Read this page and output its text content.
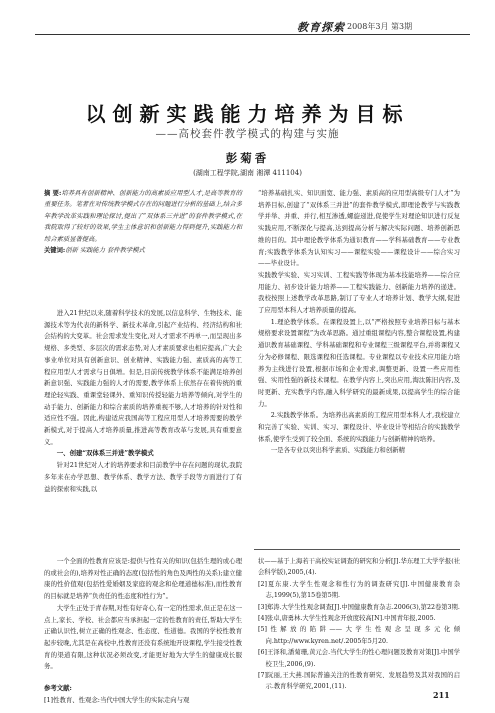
教育探索 2008年3月 第3期
以创新实践能力培养为目标
——高校套件教学模式的构建与实施
彭菊香
(湖南工程学院,湖南 湘潭 411104)

摘 要:培养具有创新精神、创新能力的高素质应用型人才,是高等教育的重要任务。笔者在对传统教学模式存在的问题进行分析的基础上,结合多年教学改革实践和理论探讨,提出了“双体系三并进”的套件教学模式,在我院取得了较好的效果,学生主体意识和创新能力得到提升,实践能力和综合素质显著提高。

关键词:创新 实践能力 套件教学模式

进入21世纪以来,随着科学技术的发展,以信息科学、生物技术、能源技术等为代表的新科学、新技术革命,引起产业结构、经济结构和社会结构的大变革。社会需求发生变化,对人才需求不再单一,而呈现出多规格、多类型、多层次的需求态势,对人才素质要求也相应提高,广大企事业单位对具有创新意识、创业精神、实践能力强、素质高的高等工程应用型人才需求与日俱增。但是,目前传统教学体系不能满足培养创新意识强、实践能力强的人才的需要,教学体系上依然存在着传统的重理论轻实践、重课堂轻课外、重知识传授轻能力培养等倾向,对学生的动手能力、创新能力和综合素质的培养重视不够,人才培养的针对性和适应性不强。因此,构建适应我国高等工程应用型人才培养需要的教学新模式,对于提高人才培养质量,推进高等教育改革与发展,具有重要意义。

一、创建“双体系三并进”教学模式

针对21世纪对人才的培养要求和目前教学中存在问题的现状,我院多年来在办学思想、教学体系、教学方法、教学手段等方面进行了有益的探索和实践,以

“培养基础扎实、知识面宽、能力强、素质高的应用型高级专门人才”为培养目标,创建了“双体系三并进”的套件教学模式,即理论教学与实践教学并举、并重、并行,相互渗透,螺旋递进,促使学生对理论知识进行反复实践应用,不断深化与提高,达到提高分析与解决实际问题、培养创新思维的目的。其中理论教学体系为通识教育——学科基础教育——专业教育;实践教学体系为认知实习——课程实验——课程设计——综合实习——毕业设计。

实践教学实验、实习实训、工程实践等体现为基本技能培养——综合应用能力、初步设计能力培养——工程实践能力、创新能力培养的递进。我校按照上述教学改革思路,制订了专业人才培养计划、教学大纲,促进了应用型本科人才培养质量的提高。

1.理论教学体系。在课程设置上,以“严格按照专业培养目标与基本规格要求设置课程”为改革思路。通过重组课程内容,整合课程设置,构建通识教育基础课程、学科基础课程和专业课程三级课程平台,并将课程又分为必修课程、限选课程和任选课程。专业课程以专业技术应用能力培养为主线进行设置,根据市场和企业需求,调整更新、设置一些应用性强、实用性强的新技术课程。在教学内容上,突出应用,淘汰陈旧内容,及时更新、充实教学内容,融入科学研究的最新成果,以提高学生的综合能力。

2.实践教学体系。为培养出高素质的工程应用型本科人才,我校建立和完善了实验、实训、实习、课程设计、毕业设计等相结合的实践教学体系,使学生受到了较全面、系统的实践能力与创新精神的培养。

一是各专业以突出科学素质、实践能力和创新精

一个全面的性教育应该是:提供与性有关的知识(包括生理的或心理的或社会的),培养对性正确的态度(包括性的角色及两性的关系);建立健康的性价值观(包括性爱婚姻及家庭的观念和伦理道德标准),而性教育的目标就是培养“负责任的性态度和性行为”。

大学生正处于青春期,对性有好奇心,有一定的性需求,但正是在这一点上,家长、学校、社会都应当承担起一定的性教育的责任,帮助大学生正确认识性,树立正确的性观念、性态度、性道德。我国的学校性教育起步较晚,尤其是在高校中,性教育还没有系统地开设课程,学生接受性教育的渠道有限,这种状况必须改变,才能更好地为大学生的健康成长服务。

参考文献:

[1]性教育、性观念:当代中国大学生的实际走向与观

状——基于上海若干高校实证调查的研究和分析[J].华东理工大学学报(社会科学版),2005,(4).

[2]夏东康.大学生性观念和性行为的调查研究[J].中国健康教育杂志,1999(5),第15卷第5期.

[3]郑涛.大学生性观念调查[J].中国健康教育杂志.2006(3),第22卷第3期.

[4]张卓,唐勇林.大学生性观念开放度较高[N].中国青年报,2005.

[5]性解放的陷阱——大学生性观念呈现多元化倾向.http://www.kyren.net/.2005年5月20.

[6]王泽和,潘菊珊,黄元会.当代大学生的性心理问题及教育对策[J].中国学校卫生,2006,(9).

[7]阮丽,王大燕.国际普遍关注的性教育研究、发展趋势及其对我国的启示.教育科学研究,2001,(11).

211
